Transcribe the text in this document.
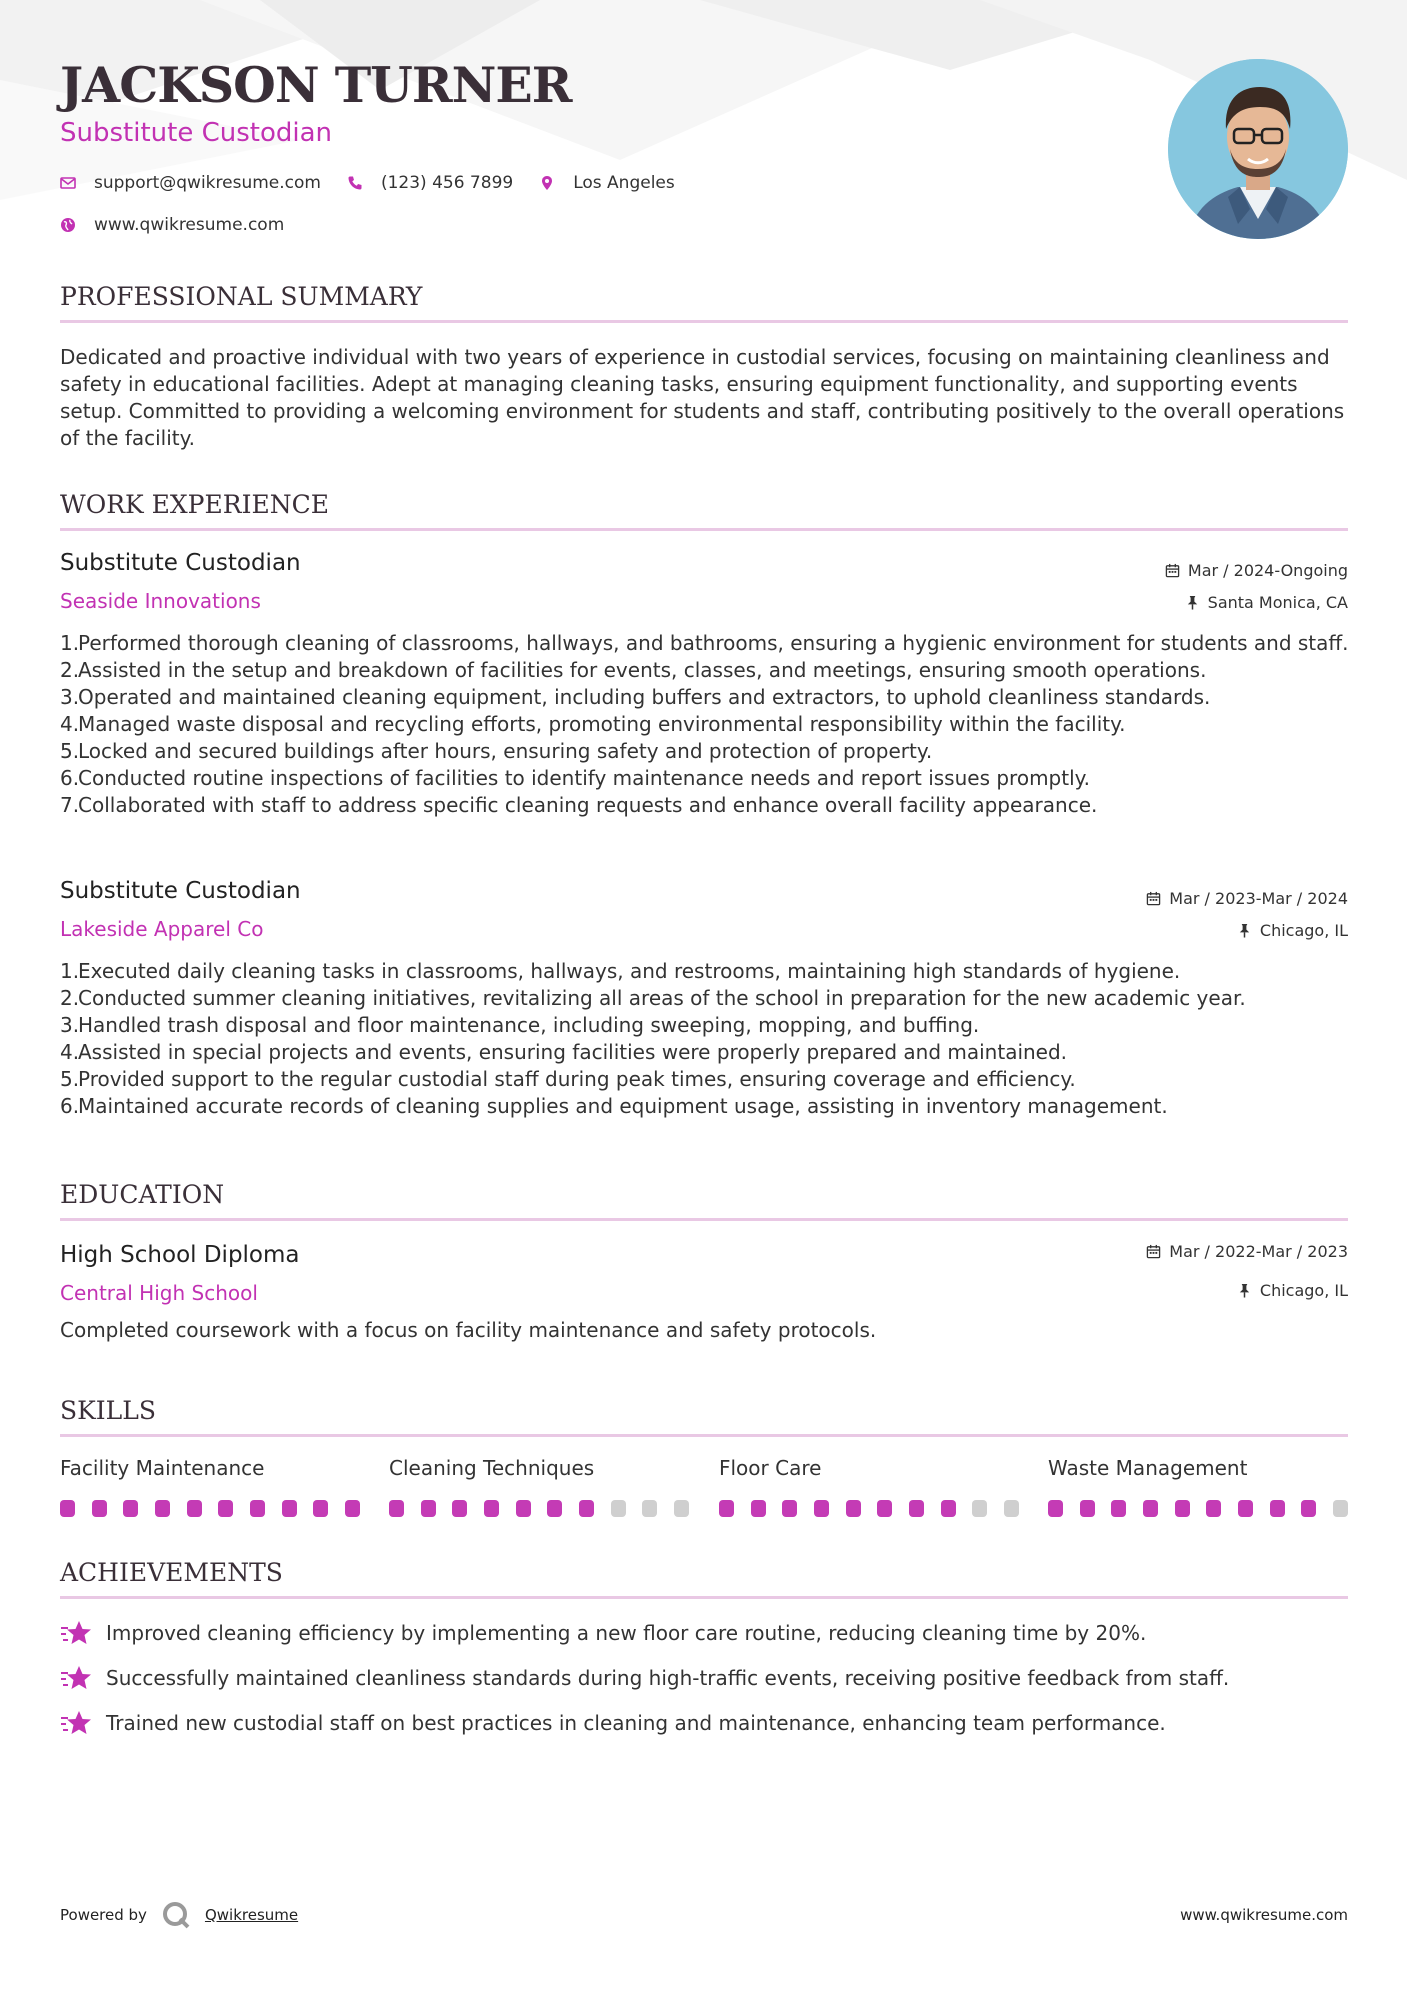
JACKSON TURNER
Substitute Custodian
support@qwikresume.com	(123) 456 7899	Los Angeles
www.qwikresume.com
PROFESSIONAL SUMMARY
Dedicated and proactive individual with two years of experience in custodial services, focusing on maintaining cleanliness and safety in educational facilities. Adept at managing cleaning tasks, ensuring equipment functionality, and supporting events setup. Committed to providing a welcoming environment for students and staff, contributing positively to the overall operations of the facility.
WORK EXPERIENCE
Substitute Custodian
Seaside Innovations
Mar / 2024-Ongoing
Santa Monica, CA
1.
Performed thorough cleaning of classrooms, hallways, and bathrooms, ensuring a hygienic environment for students and staff.
2.
Assisted in the setup and breakdown of facilities for events, classes, and meetings, ensuring smooth operations.
3.
Operated and maintained cleaning equipment, including buffers and extractors, to uphold cleanliness standards.
4.
Managed waste disposal and recycling efforts, promoting environmental responsibility within the facility.
5.
Locked and secured buildings after hours, ensuring safety and protection of property.
6.
Conducted routine inspections of facilities to identify maintenance needs and report issues promptly.
7.
Collaborated with staff to address specific cleaning requests and enhance overall facility appearance.
Substitute Custodian
Lakeside Apparel Co
Mar / 2023-Mar / 2024
Chicago, IL
1.
Executed daily cleaning tasks in classrooms, hallways, and restrooms, maintaining high standards of hygiene.
2.
Conducted summer cleaning initiatives, revitalizing all areas of the school in preparation for the new academic year.
3.
Handled trash disposal and floor maintenance, including sweeping, mopping, and buffing.
4.
Assisted in special projects and events, ensuring facilities were properly prepared and maintained.
5.
Provided support to the regular custodial staff during peak times, ensuring coverage and efficiency.
6.
Maintained accurate records of cleaning supplies and equipment usage, assisting in inventory management.
EDUCATION
High School Diploma
Central High School
Mar / 2022-Mar / 2023
Chicago, IL
Completed coursework with a focus on facility maintenance and safety protocols.
SKILLS
Facility Maintenance	Cleaning Techniques	Floor Care	Waste Management
ACHIEVEMENTS
Improved cleaning efficiency by implementing a new floor care routine, reducing cleaning time by 20%.
Successfully maintained cleanliness standards during high-traffic events, receiving positive feedback from staff.
Trained new custodial staff on best practices in cleaning and maintenance, enhancing team performance.
Powered by	Qwikresume	www.qwikresume.com
